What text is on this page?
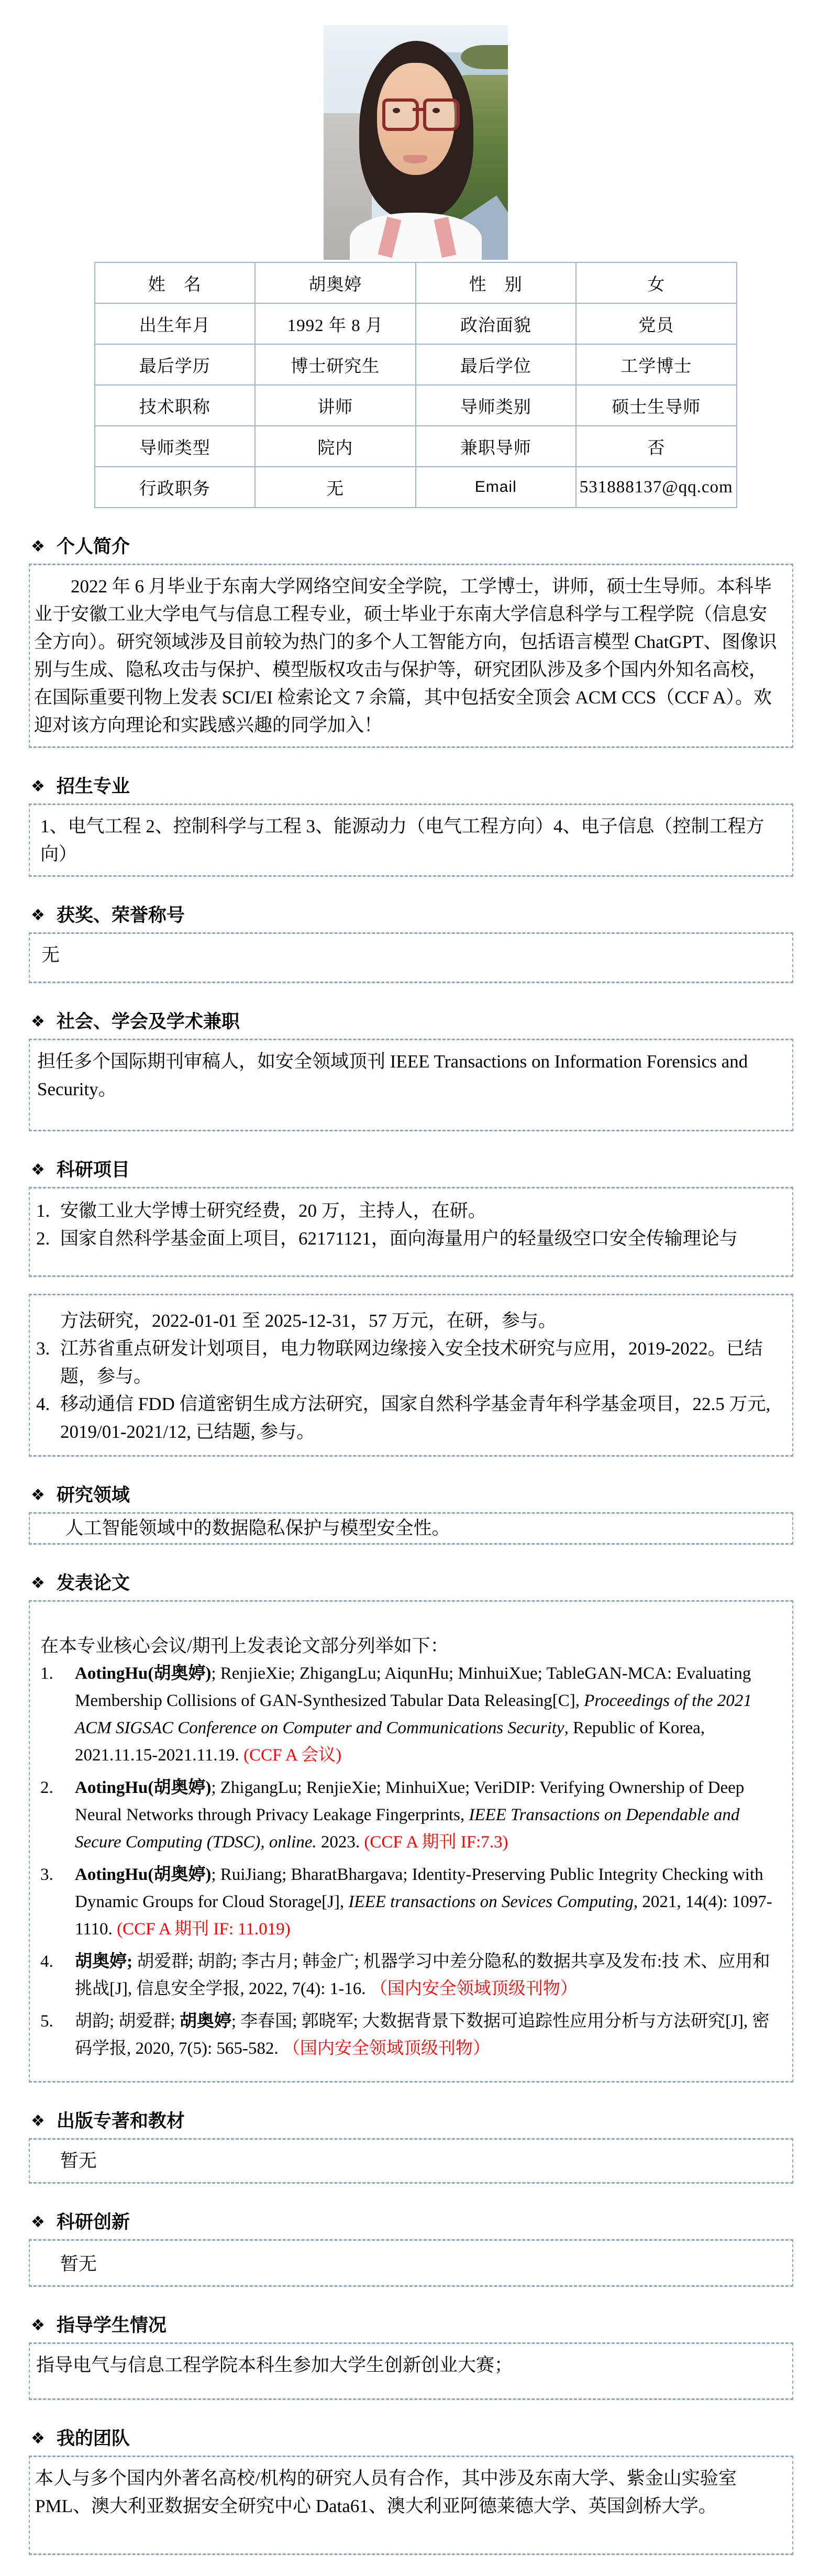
姓　名	胡奥婷	性　别	女
出生年月	1992 年 8 月	政治面貌	党员
最后学历	博士研究生	最后学位	工学博士
技术职称	讲师	导师类别	硕士生导师
导师类型	院内	兼职导师	否
行政职务	无	Email	531888137@qq.com
❖ 个人简介

2022 年 6 月毕业于东南大学网络空间安全学院，工学博士，讲师，硕士生导师。本科毕业于安徽工业大学电气与信息工程专业，硕士毕业于东南大学信息科学与工程学院（信息安全方向）。研究领域涉及目前较为热门的多个人工智能方向，包括语言模型 ChatGPT、图像识别与生成、隐私攻击与保护、模型版权攻击与保护等，研究团队涉及多个国内外知名高校，在国际重要刊物上发表 SCI/EI 检索论文 7 余篇，其中包括安全顶会 ACM CCS（CCF A）。欢迎对该方向理论和实践感兴趣的同学加入！

❖ 招生专业

1、电气工程 2、控制科学与工程 3、能源动力（电气工程方向）4、电子信息（控制工程方向）

❖ 获奖、荣誉称号

无

❖ 社会、学会及学术兼职

担任多个国际期刊审稿人，如安全领域顶刊 IEEE Transactions on Information Forensics and Security。

❖ 科研项目
1. 安徽工业大学博士研究经费，20 万，主持人，在研。
2. 国家自然科学基金面上项目，62171121，面向海量用户的轻量级空口安全传输理论与

方法研究，2022-01-01 至 2025-12-31，57 万元，在研，参与。

3. 江苏省重点研发计划项目，电力物联网边缘接入安全技术研究与应用，2019-2022。已结题，参与。
4. 移动通信 FDD 信道密钥生成方法研究，国家自然科学基金青年科学基金项目，22.5 万元, 2019/01-2021/12, 已结题, 参与。
❖ 研究领域

人工智能领域中的数据隐私保护与模型安全性。

❖ 发表论文

在本专业核心会议/期刊上发表论文部分列举如下：

1.	AotingHu(胡奥婷); RenjieXie; ZhigangLu; AiqunHu; MinhuiXue; TableGAN-MCA: Evaluating Membership Collisions of GAN-Synthesized Tabular Data Releasing[C], Proceedings of the 2021 ACM SIGSAC Conference on Computer and Communications Security, Republic of Korea, 2021.11.15-2021.11.19. (CCF A 会议)
2.	AotingHu(胡奥婷); ZhigangLu; RenjieXie; MinhuiXue; VeriDIP: Verifying Ownership of Deep Neural Networks through Privacy Leakage Fingerprints, IEEE Transactions on Dependable and Secure Computing (TDSC), online. 2023. (CCF A 期刊 IF:7.3)
3.	AotingHu(胡奥婷); RuiJiang; BharatBhargava; Identity-Preserving Public Integrity Checking with Dynamic Groups for Cloud Storage[J], IEEE transactions on Sevices Computing, 2021, 14(4): 1097-1110. (CCF A 期刊 IF: 11.019)
4.	胡奥婷; 胡爱群; 胡韵; 李古月; 韩金广; 机器学习中差分隐私的数据共享及发布:技 术、应用和挑战[J], 信息安全学报, 2022, 7(4): 1-16. （国内安全领域顶级刊物）
5.	胡韵; 胡爱群; 胡奥婷; 李春国; 郭晓军; 大数据背景下数据可追踪性应用分析与方法研究[J], 密码学报, 2020, 7(5): 565-582. （国内安全领域顶级刊物）
❖ 出版专著和教材

暂无

❖ 科研创新

暂无

❖ 指导学生情况

指导电气与信息工程学院本科生参加大学生创新创业大赛；

❖ 我的团队

本人与多个国内外著名高校/机构的研究人员有合作，其中涉及东南大学、紫金山实验室 PML、澳大利亚数据安全研究中心 Data61、澳大利亚阿德莱德大学、英国剑桥大学。
